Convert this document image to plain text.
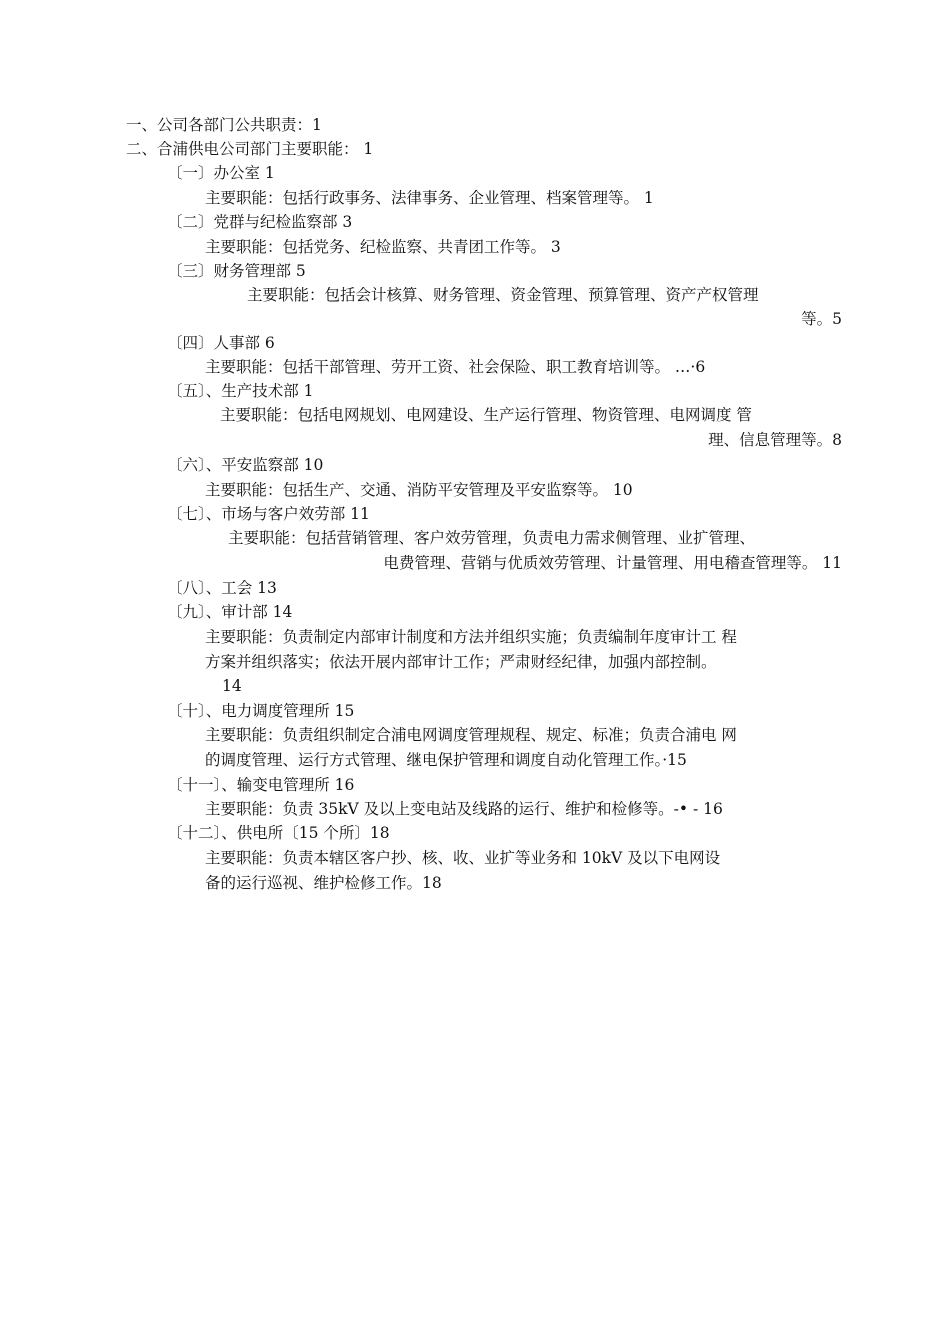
一、公司各部门公共职责：1
二、合浦供电公司部门主要职能： 1
〔一〕办公室 1
主要职能：包括行政事务、法律事务、企业管理、档案管理等。 1
〔二〕党群与纪检监察部 3
主要职能：包括党务、纪检监察、共青团工作等。 3
〔三〕财务管理部 5
主要职能：包括会计核算、财务管理、资金管理、预算管理、资产产权管理
等。5
〔四〕人事部 6
主要职能：包括干部管理、劳开工资、社会保险、职工教育培训等。 …·6
〔五〕、生产技术部 1
主要职能：包括电网规划、电网建设、生产运行管理、物资管理、电网调度 管
理、信息管理等。8
〔六〕、平安监察部 10
主要职能：包括生产、交通、消防平安管理及平安监察等。 10
〔七〕、市场与客户效劳部 11
主要职能：包括营销管理、客户效劳管理，负责电力需求侧管理、业扩管理、
电费管理、营销与优质效劳管理、计量管理、用电稽查管理等。 11
〔八〕、工会 13
〔九〕、审计部 14
主要职能：负责制定内部审计制度和方法并组织实施；负责编制年度审计工 程
方案并组织落实；依法开展内部审计工作；严肃财经纪律，加强内部控制。
14
〔十〕、电力调度管理所 15
主要职能：负责组织制定合浦电网调度管理规程、规定、标准；负责合浦电 网
的调度管理、运行方式管理、继电保护管理和调度自动化管理工作。·15
〔十一〕、输变电管理所 16
主要职能：负责 35kV 及以上变电站及线路的运行、维护和检修等。-• - 16
〔十二〕、供电所〔15 个所〕18
主要职能：负责本辖区客户抄、核、收、业扩等业务和 10kV 及以下电网设
备的运行巡视、维护检修工作。18
